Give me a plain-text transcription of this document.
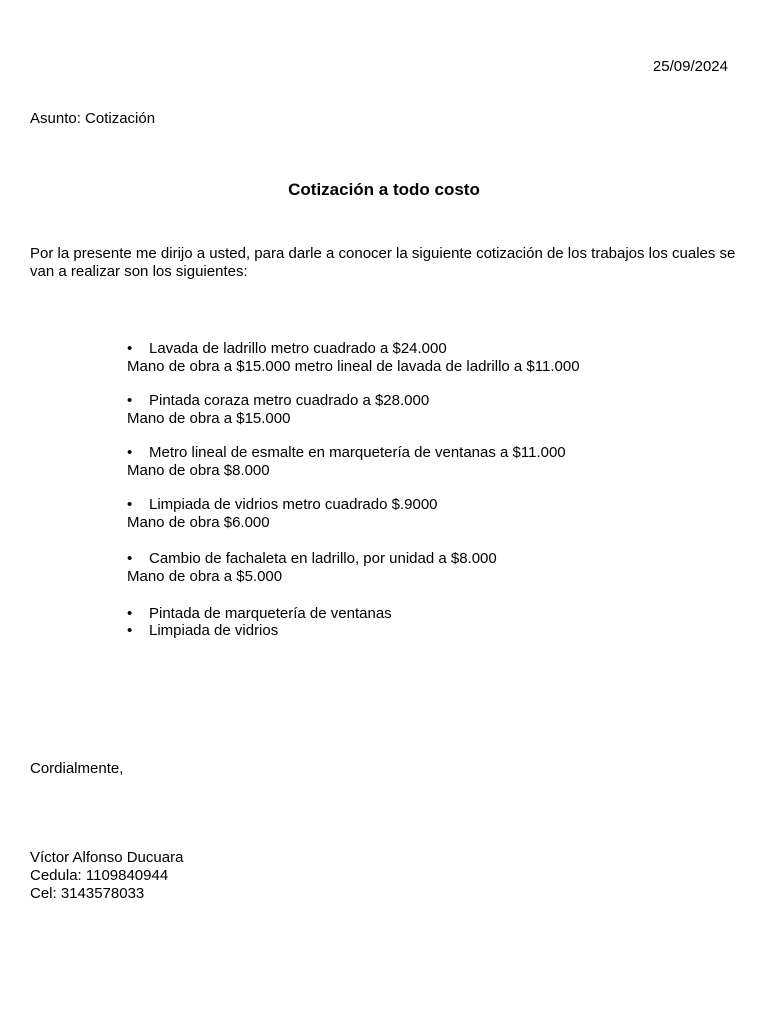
25/09/2024
Asunto: Cotización
Cotización a todo costo
Por la presente me dirijo a usted, para darle a conocer la siguiente cotización de los trabajos los cuales se van a realizar son los siguientes:
• Lavada de ladrillo metro cuadrado a $24.000
Mano de obra a $15.000 metro lineal de lavada de ladrillo a $11.000
• Pintada coraza metro cuadrado a $28.000
Mano de obra a $15.000
• Metro lineal de esmalte en marquetería de ventanas a $11.000
Mano de obra $8.000
• Limpiada de vidrios metro cuadrado $.9000
Mano de obra $6.000
• Cambio de fachaleta en ladrillo, por unidad a $8.000
Mano de obra a $5.000
• Pintada de marquetería de ventanas
• Limpiada de vidrios
Cordialmente,
Víctor Alfonso Ducuara
Cedula: 1109840944
Cel: 3143578033
